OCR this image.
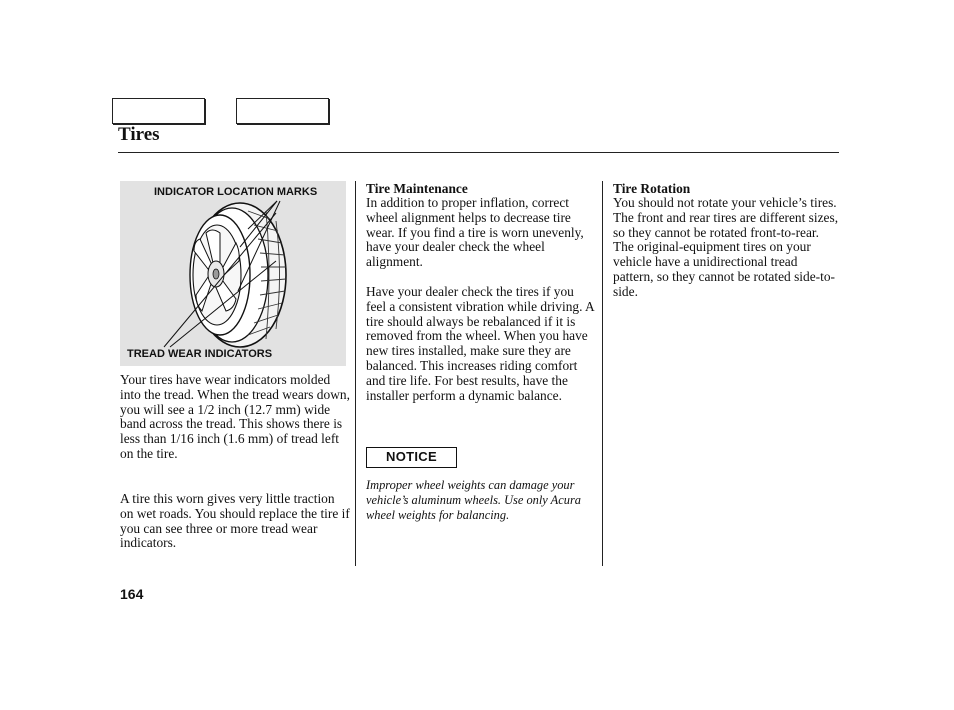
Tires
INDICATOR LOCATION MARKS
TREAD WEAR INDICATORS
Your tires have wear indicators molded into the tread. When the tread wears down, you will see a 1/2 inch (12.7 mm) wide band across the tread. This shows there is less than 1/16 inch (1.6 mm) of tread left on the tire.
A tire this worn gives very little traction on wet roads. You should replace the tire if you can see three or more tread wear indicators.
Tire Maintenance
In addition to proper inflation, correct wheel alignment helps to decrease tire wear. If you find a tire is worn unevenly, have your dealer check the wheel alignment.
Have your dealer check the tires if you feel a consistent vibration while driving. A tire should always be rebalanced if it is removed from the wheel. When you have new tires installed, make sure they are balanced. This increases riding comfort and tire life. For best results, have the installer perform a dynamic balance.
NOTICE
Improper wheel weights can damage your vehicle’s aluminum wheels. Use only Acura wheel weights for balancing.
Tire Rotation
You should not rotate your vehicle’s tires. The front and rear tires are different sizes, so they cannot be rotated front-to-rear. The original-equipment tires on your vehicle have a unidirectional tread pattern, so they cannot be rotated side-to-side.
164
